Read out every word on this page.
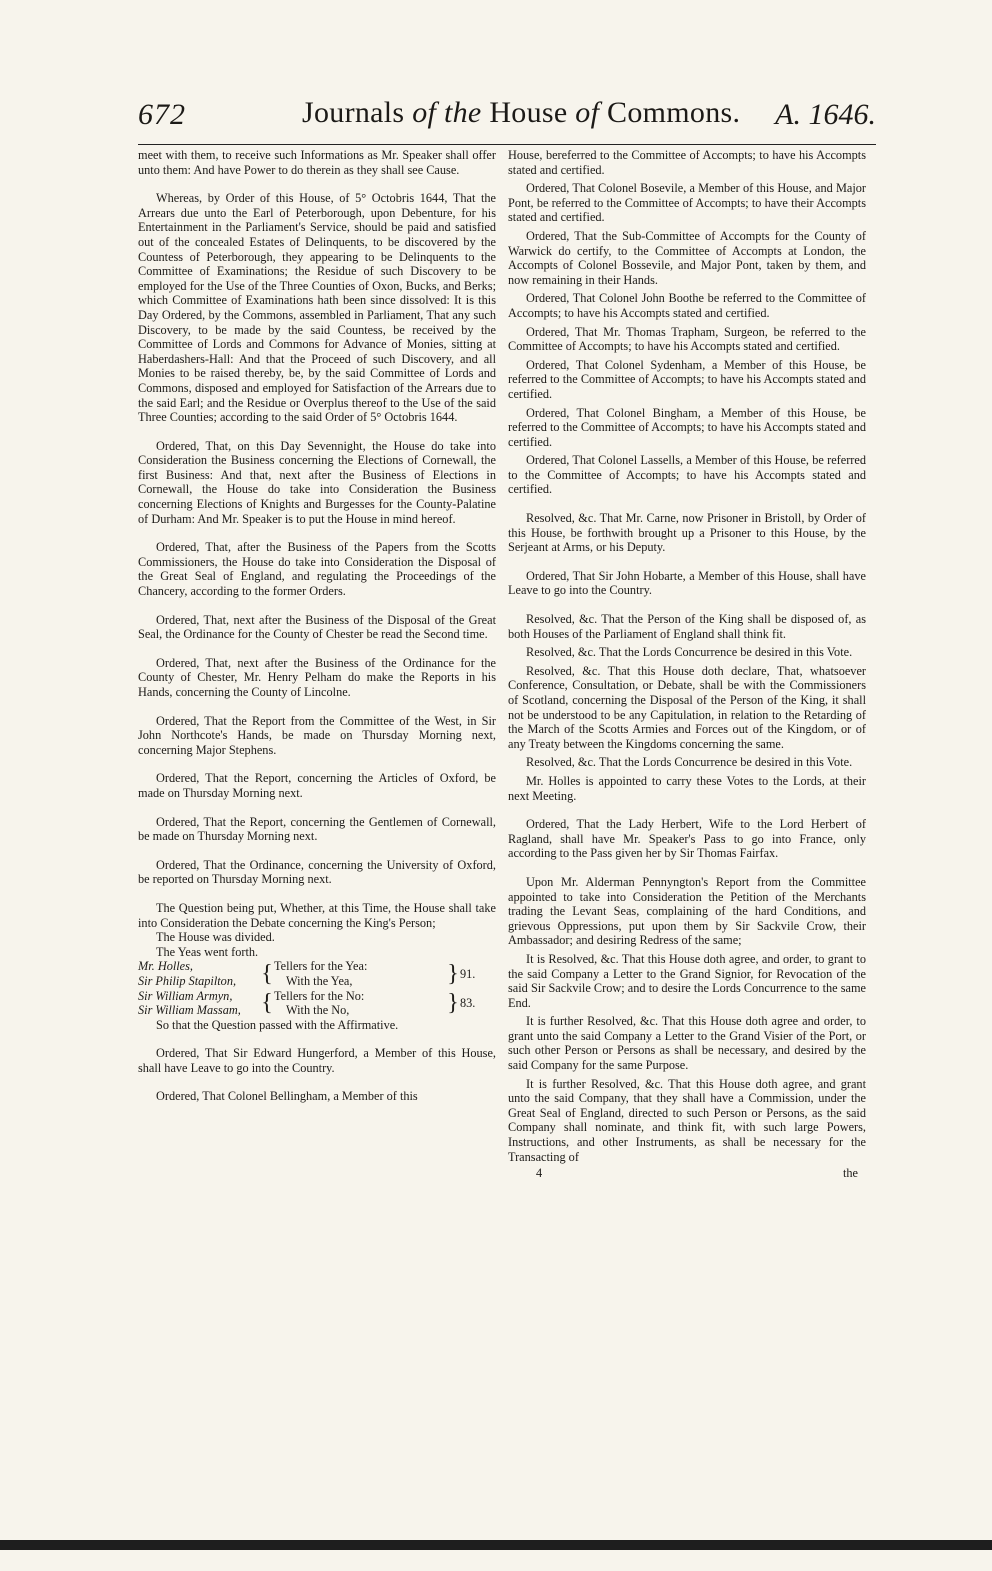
672	Journals of the House of Commons. A. 1646.

meet with them, to receive such Informations as Mr. Speaker shall offer unto them: And have Power to do therein as they shall see Cause.

Whereas, by Order of this House, of 5° Octobris 1644, That the Arrears due unto the Earl of Peterborough, upon Debenture, for his Entertainment in the Parliament's Service, should be paid and satisfied out of the concealed Estates of Delinquents, to be discovered by the Countess of Peterborough, they appearing to be Delinquents to the Committee of Examinations; the Residue of such Discovery to be employed for the Use of the Three Counties of Oxon, Bucks, and Berks; which Committee of Examinations hath been since dissolved: It is this Day Ordered, by the Commons, assembled in Parliament, That any such Discovery, to be made by the said Countess, be received by the Committee of Lords and Commons for Advance of Monies, sitting at Haberdashers-Hall: And that the Proceed of such Discovery, and all Monies to be raised thereby, be, by the said Committee of Lords and Commons, disposed and employed for Satisfaction of the Arrears due to the said Earl; and the Residue or Overplus thereof to the Use of the said Three Counties; according to the said Order of 5° Octobris 1644.

Ordered, That, on this Day Sevennight, the House do take into Consideration the Business concerning the Elections of Cornewall, the first Business: And that, next after the Business of Elections in Cornewall, the House do take into Consideration the Business concerning Elections of Knights and Burgesses for the County-Palatine of Durham: And Mr. Speaker is to put the House in mind hereof.

Ordered, That, after the Business of the Papers from the Scotts Commissioners, the House do take into Consideration the Disposal of the Great Seal of England, and regulating the Proceedings of the Chancery, according to the former Orders.

Ordered, That, next after the Business of the Disposal of the Great Seal, the Ordinance for the County of Chester be read the Second time.

Ordered, That, next after the Business of the Ordinance for the County of Chester, Mr. Henry Pelham do make the Reports in his Hands, concerning the County of Lincolne.

Ordered, That the Report from the Committee of the West, in Sir John Northcote's Hands, be made on Thursday Morning next, concerning Major Stephens.

Ordered, That the Report, concerning the Articles of Oxford, be made on Thursday Morning next.

Ordered, That the Report, concerning the Gentlemen of Cornewall, be made on Thursday Morning next.

Ordered, That the Ordinance, concerning the University of Oxford, be reported on Thursday Morning next.

The Question being put, Whether, at this Time, the House shall take into Consideration the Debate concerning the King's Person;

The House was divided.

The Yeas went forth.

Mr. Holles,	{	Tellers for the Yea:	}	91.
Sir Philip Stapilton,		With the Yea,		
Sir William Armyn,	{	Tellers for the No:	}	83.
Sir William Massam,		With the No,		

So that the Question passed with the Affirmative.

Ordered, That Sir Edward Hungerford, a Member of this House, shall have Leave to go into the Country.

Ordered, That Colonel Bellingham, a Member of this

House, bereferred to the Committee of Accompts; to have his Accompts stated and certified.

Ordered, That Colonel Bosevile, a Member of this House, and Major Pont, be referred to the Committee of Accompts; to have their Accompts stated and certified.

Ordered, That the Sub-Committee of Accompts for the County of Warwick do certify, to the Committee of Accompts at London, the Accompts of Colonel Bossevile, and Major Pont, taken by them, and now remaining in their Hands.

Ordered, That Colonel John Boothe be referred to the Committee of Accompts; to have his Accompts stated and certified.

Ordered, That Mr. Thomas Trapham, Surgeon, be referred to the Committee of Accompts; to have his Accompts stated and certified.

Ordered, That Colonel Sydenham, a Member of this House, be referred to the Committee of Accompts; to have his Accompts stated and certified.

Ordered, That Colonel Bingham, a Member of this House, be referred to the Committee of Accompts; to have his Accompts stated and certified.

Ordered, That Colonel Lassells, a Member of this House, be referred to the Committee of Accompts; to have his Accompts stated and certified.

Resolved, &c. That Mr. Carne, now Prisoner in Bristoll, by Order of this House, be forthwith brought up a Prisoner to this House, by the Serjeant at Arms, or his Deputy.

Ordered, That Sir John Hobarte, a Member of this House, shall have Leave to go into the Country.

Resolved, &c. That the Person of the King shall be disposed of, as both Houses of the Parliament of England shall think fit.

Resolved, &c. That the Lords Concurrence be desired in this Vote.

Resolved, &c. That this House doth declare, That, whatsoever Conference, Consultation, or Debate, shall be with the Commissioners of Scotland, concerning the Disposal of the Person of the King, it shall not be understood to be any Capitulation, in relation to the Retarding of the March of the Scotts Armies and Forces out of the Kingdom, or of any Treaty between the Kingdoms concerning the same.

Resolved, &c. That the Lords Concurrence be desired in this Vote.

Mr. Holles is appointed to carry these Votes to the Lords, at their next Meeting.

Ordered, That the Lady Herbert, Wife to the Lord Herbert of Ragland, shall have Mr. Speaker's Pass to go into France, only according to the Pass given her by Sir Thomas Fairfax.

Upon Mr. Alderman Pennyngton's Report from the Committee appointed to take into Consideration the Petition of the Merchants trading the Levant Seas, complaining of the hard Conditions, and grievous Oppressions, put upon them by Sir Sackvile Crow, their Ambassador; and desiring Redress of the same;

It is Resolved, &c. That this House doth agree, and order, to grant to the said Company a Letter to the Grand Signior, for Revocation of the said Sir Sackvile Crow; and to desire the Lords Concurrence to the same End.

It is further Resolved, &c. That this House doth agree and order, to grant unto the said Company a Letter to the Grand Visier of the Port, or such other Person or Persons as shall be necessary, and desired by the said Company for the same Purpose.

It is further Resolved, &c. That this House doth agree, and grant unto the said Company, that they shall have a Commission, under the Great Seal of England, directed to such Person or Persons, as the said Company shall nominate, and think fit, with such large Powers, Instructions, and other Instruments, as shall be necessary for the Transacting of

4	the
